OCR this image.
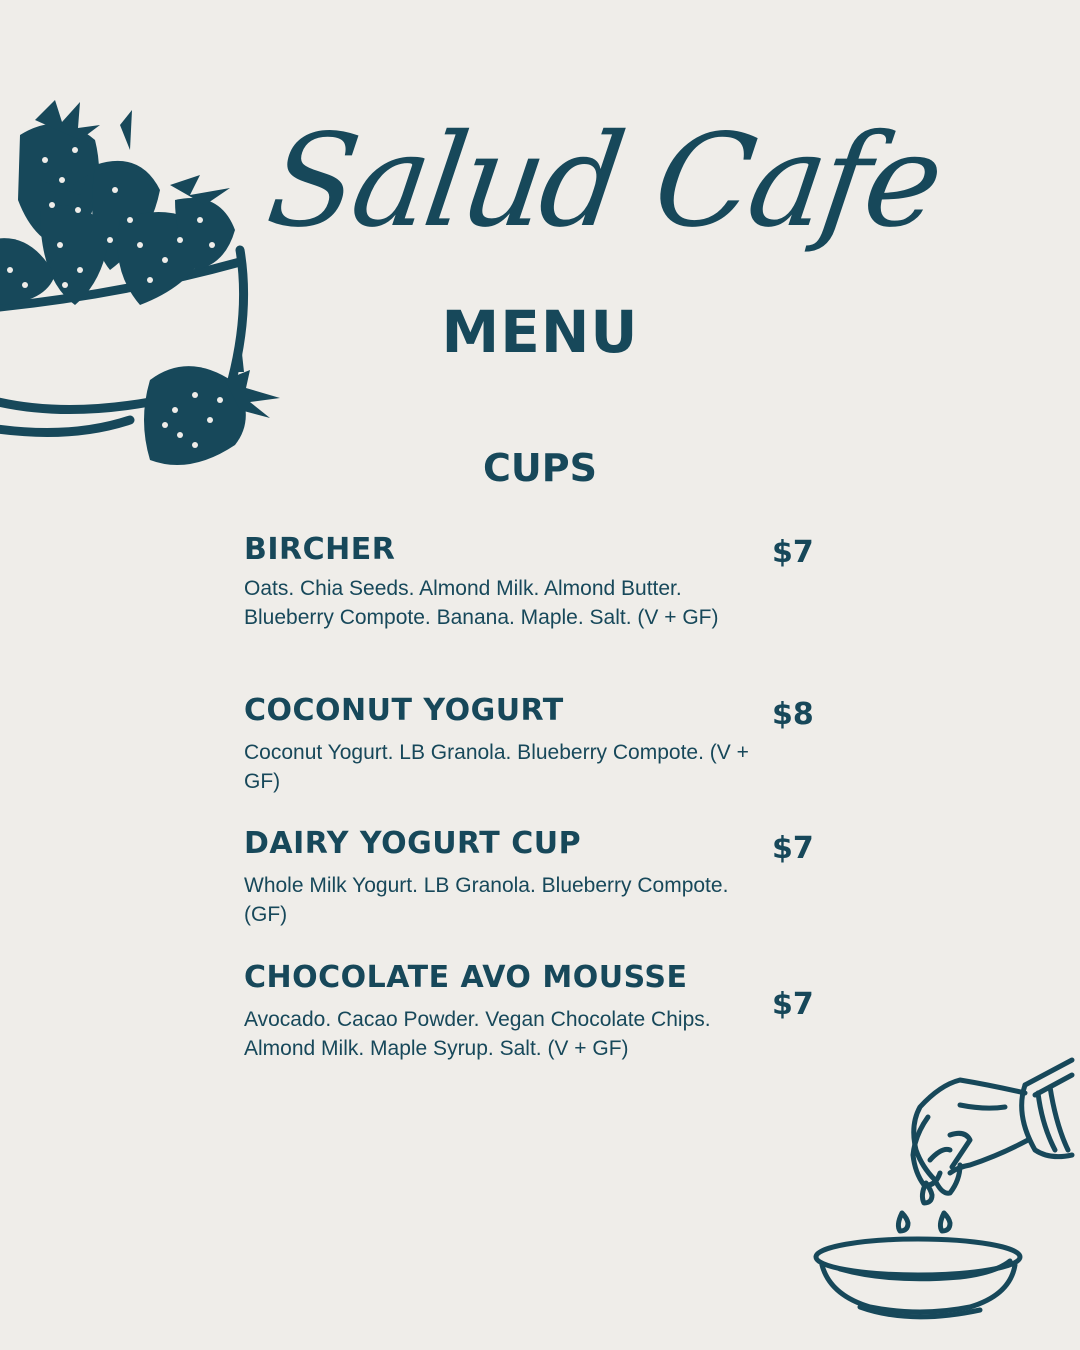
Salud Cafe
MENU
CUPS
BIRCHER
Oats. Chia Seeds. Almond Milk. Almond Butter. Blueberry Compote. Banana. Maple. Salt. (V + GF)
$7
COCONUT YOGURT
Coconut Yogurt. LB Granola. Blueberry Compote. (V + GF)
$8
DAIRY YOGURT CUP
Whole Milk Yogurt. LB Granola. Blueberry Compote. (GF)
$7
CHOCOLATE AVO MOUSSE
Avocado. Cacao Powder. Vegan Chocolate Chips. Almond Milk. Maple Syrup. Salt. (V + GF)
$7
